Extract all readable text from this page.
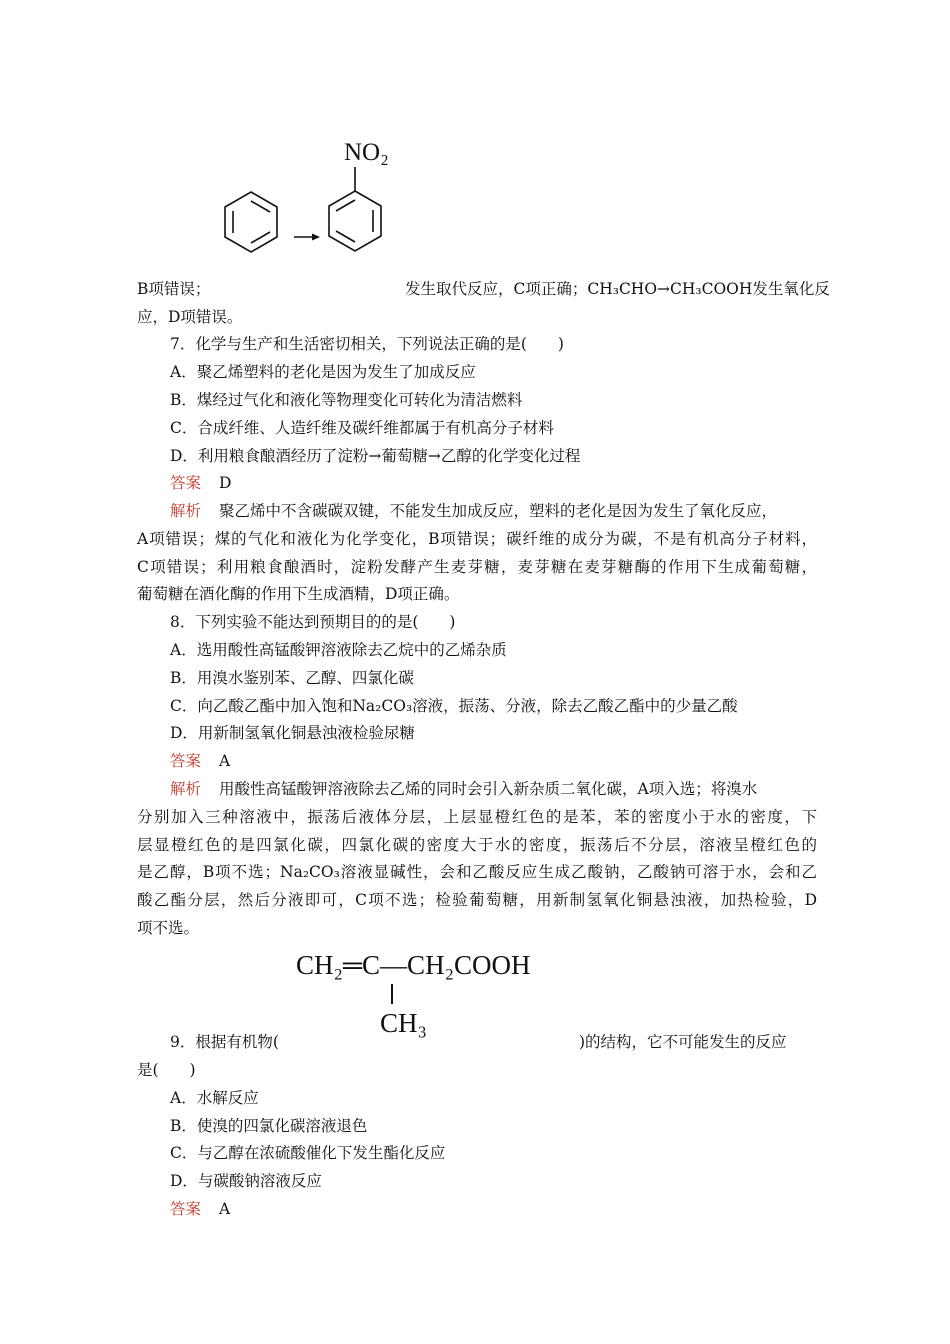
NO₂
B项错误；	发生取代反应，C项正确；CH₃CHO→CH₃COOH发生氧化反
应，D项错误。
7．化学与生产和生活密切相关，下列说法正确的是(　　)
A．聚乙烯塑料的老化是因为发生了加成反应
B．煤经过气化和液化等物理变化可转化为清洁燃料
C．合成纤维、人造纤维及碳纤维都属于有机高分子材料
D．利用粮食酿酒经历了淀粉→葡萄糖→乙醇的化学变化过程
答案 D
解析 聚乙烯中不含碳碳双键，不能发生加成反应，塑料的老化是因为发生了氧化反应，
A项错误；煤的气化和液化为化学变化，B项错误；碳纤维的成分为碳，不是有机高分子材料，
C项错误；利用粮食酿酒时，淀粉发酵产生麦芽糖，麦芽糖在麦芽糖酶的作用下生成葡萄糖，
葡萄糖在酒化酶的作用下生成酒精，D项正确。
8．下列实验不能达到预期目的的是(　　)
A．选用酸性高锰酸钾溶液除去乙烷中的乙烯杂质
B．用溴水鉴别苯、乙醇、四氯化碳
C．向乙酸乙酯中加入饱和Na₂CO₃溶液，振荡、分液，除去乙酸乙酯中的少量乙酸
D．用新制氢氧化铜悬浊液检验尿糖
答案 A
解析 用酸性高锰酸钾溶液除去乙烯的同时会引入新杂质二氧化碳，A项入选；将溴水
分别加入三种溶液中，振荡后液体分层，上层显橙红色的是苯，苯的密度小于水的密度，下
层显橙红色的是四氯化碳，四氯化碳的密度大于水的密度，振荡后不分层，溶液呈橙红色的
是乙醇，B项不选；Na₂CO₃溶液显碱性，会和乙酸反应生成乙酸钠，乙酸钠可溶于水，会和乙
酸乙酯分层，然后分液即可，C项不选；检验葡萄糖，用新制氢氧化铜悬浊液，加热检验，D
项不选。
CH₂═C—CH₂COOH
CH₃
9．根据有机物(	)的结构，它不可能发生的反应
是(　　)
A．水解反应
B．使溴的四氯化碳溶液退色
C．与乙醇在浓硫酸催化下发生酯化反应
D．与碳酸钠溶液反应
答案 A
